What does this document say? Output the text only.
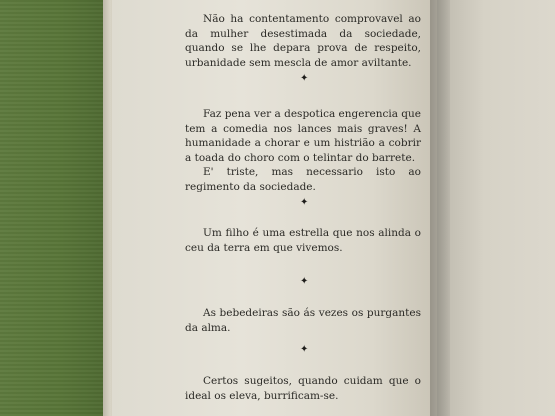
Não ha contentamento comprovavel ao da mulher desestimada da sociedade, quando se lhe depara prova de respeito, urbanidade sem mescla de amor aviltante.

✦

Faz pena ver a despotica engerencia que tem a comedia nos lances mais graves! A humanidade a chorar e um histrião a cobrir a toada do choro com o telintar do barrete.

E' triste, mas necessario isto ao regimento da sociedade.

✦

Um filho é uma estrella que nos alinda o ceu da terra em que vivemos.

✦

As bebedeiras são ás vezes os purgantes da alma.

✦

Certos sugeitos, quando cuidam que o ideal os eleva, burrificam-se.
